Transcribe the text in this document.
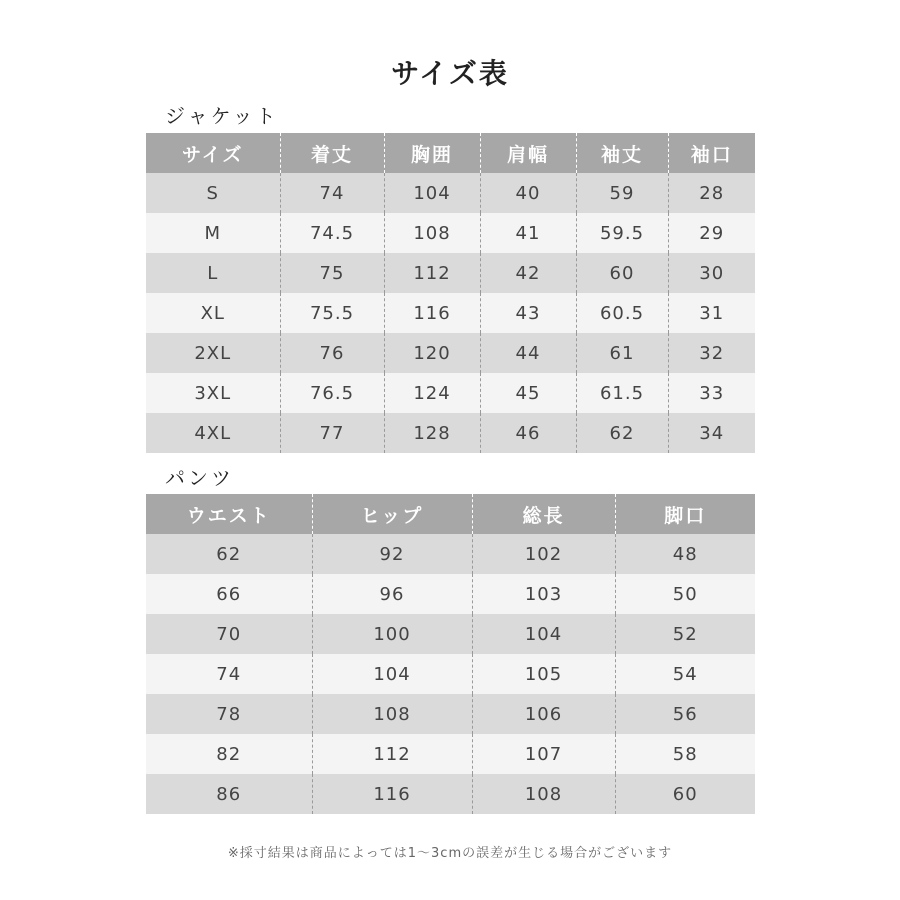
サイズ表
ジャケット
サイズ	着丈	胸囲	肩幅	袖丈	袖口
S	74	104	40	59	28
M	74.5	108	41	59.5	29
L	75	112	42	60	30
XL	75.5	116	43	60.5	31
2XL	76	120	44	61	32
3XL	76.5	124	45	61.5	33
4XL	77	128	46	62	34
パンツ
ウエスト	ヒップ	総長	脚口
62	92	102	48
66	96	103	50
70	100	104	52
74	104	105	54
78	108	106	56
82	112	107	58
86	116	108	60
※採寸結果は商品によっては1～3cmの誤差が生じる場合がございます
